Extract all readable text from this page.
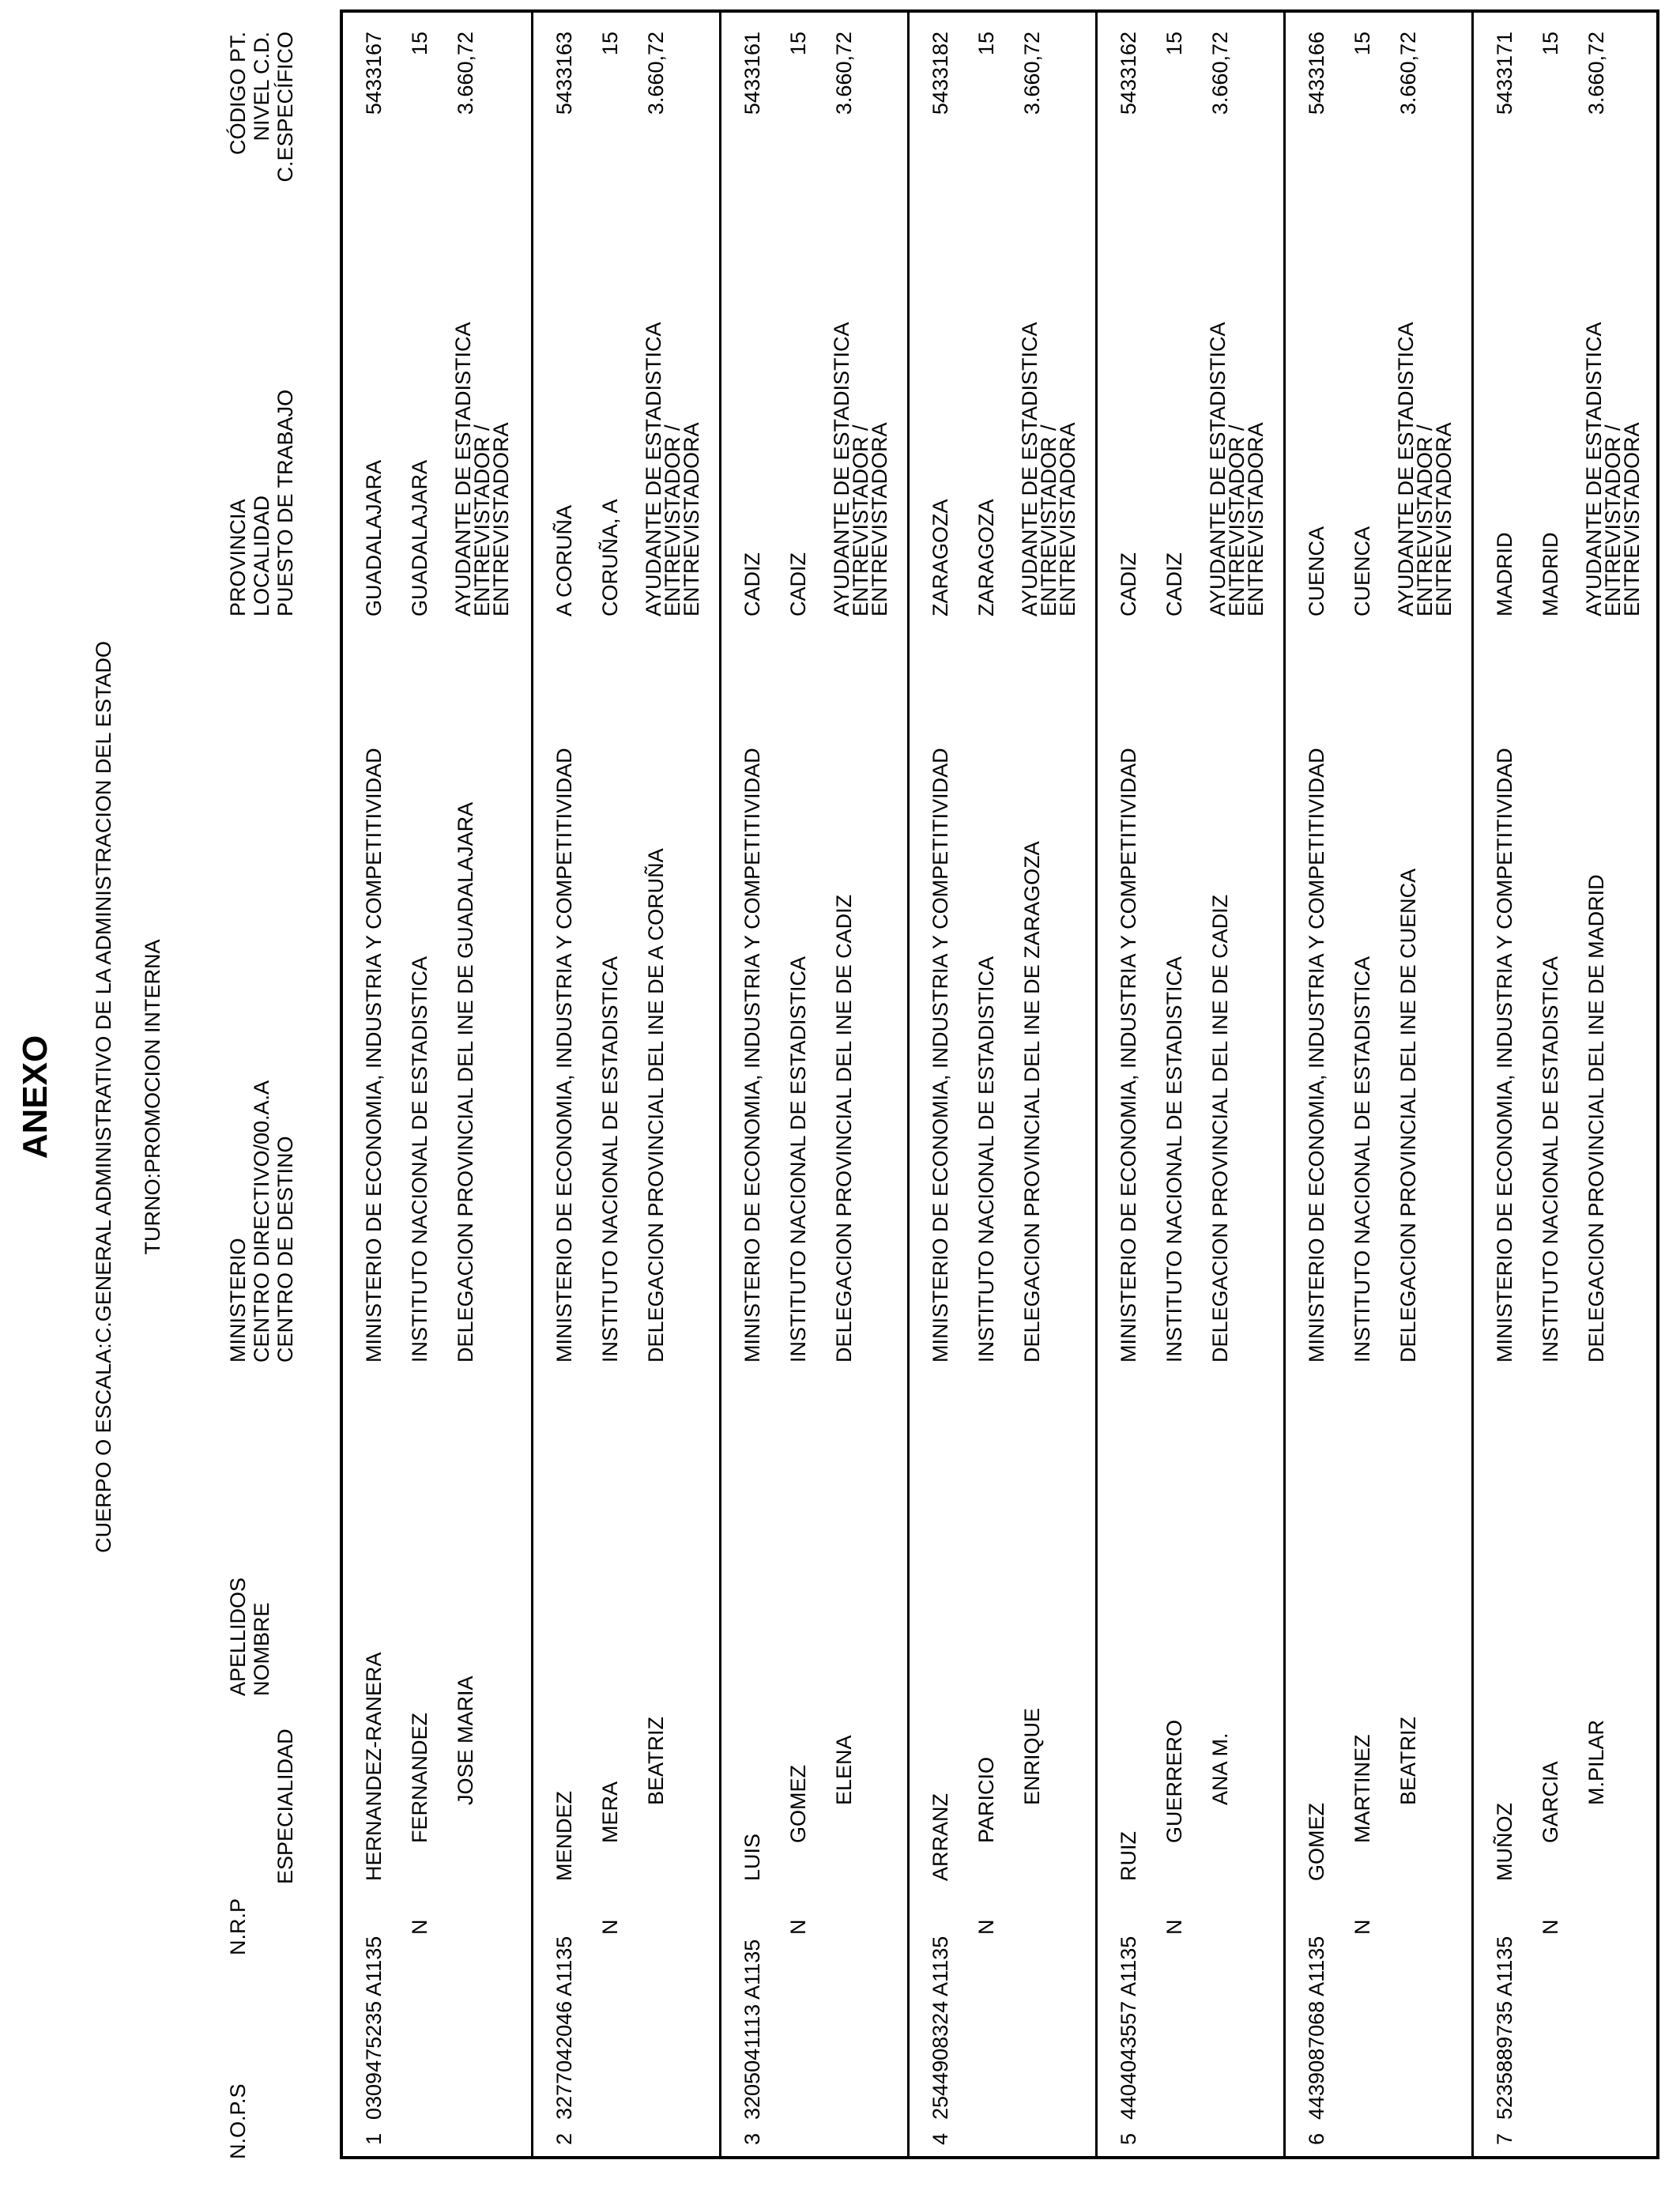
ANEXO CUERPO O ESCALA:C.GENERAL ADMINISTRATIVO DE LA ADMINISTRACION DEL ESTADO TURNO:PROMOCION INTERNA
N.O.P.S
N.R.P
ESPECIALIDAD
APELLIDOS NOMBRE
MINISTERIO CENTRO DIRECTIVO/00.A.A CENTRO DE DESTINO
PROVINCIA LOCALIDAD PUESTO DE TRABAJO
CÓDIGO PT. NIVEL C.D. C.ESPECÍFICO
1
0309475235 A1135
N
HERNANDEZ-RANERA FERNANDEZ JOSE MARIA
MINISTERIO DE ECONOMIA, INDUSTRIA Y COMPETITIVIDAD INSTITUTO NACIONAL DE ESTADISTICA DELEGACION PROVINCIAL DEL INE DE GUADALAJARA
GUADALAJARA GUADALAJARA AYUDANTE DE ESTADISTICA
ENTREVISTADOR /
ENTREVISTADORA
5433167 15 3.660,72
2
3277042046 A1135
N
MENDEZ MERA
BEATRIZ
MINISTERIO DE ECONOMIA, INDUSTRIA Y COMPETITIVIDAD INSTITUTO NACIONAL DE ESTADISTICA DELEGACION PROVINCIAL DEL INE DE A CORUÑA
A CORUÑA CORUÑA, A AYUDANTE DE ESTADISTICA
ENTREVISTADOR /
ENTREVISTADORA
5433163 15 3.660,72
3
3205041113 A1135
N
LUIS
GOMEZ ELENA
MINISTERIO DE ECONOMIA, INDUSTRIA Y COMPETITIVIDAD INSTITUTO NACIONAL DE ESTADISTICA DELEGACION PROVINCIAL DEL INE DE CADIZ
CADIZ CADIZ AYUDANTE DE ESTADISTICA
ENTREVISTADOR /
ENTREVISTADORA
5433161 15 3.660,72
4
2544908324 A1135
N
ARRANZ PARICIO ENRIQUE
MINISTERIO DE ECONOMIA, INDUSTRIA Y COMPETITIVIDAD INSTITUTO NACIONAL DE ESTADISTICA DELEGACION PROVINCIAL DEL INE DE ZARAGOZA
ZARAGOZA ZARAGOZA AYUDANTE DE ESTADISTICA
ENTREVISTADOR /
ENTREVISTADORA
5433182 15 3.660,72
5
4404043557 A1135
N
RUIZ
GUERRERO ANA M.
MINISTERIO DE ECONOMIA, INDUSTRIA Y COMPETITIVIDAD INSTITUTO NACIONAL DE ESTADISTICA DELEGACION PROVINCIAL DEL INE DE CADIZ
CADIZ CADIZ AYUDANTE DE ESTADISTICA
ENTREVISTADOR /
ENTREVISTADORA
5433162 15 3.660,72
6
4439087068 A1135
N
GOMEZ MARTINEZ BEATRIZ
MINISTERIO DE ECONOMIA, INDUSTRIA Y COMPETITIVIDAD INSTITUTO NACIONAL DE ESTADISTICA DELEGACION PROVINCIAL DEL INE DE CUENCA
CUENCA CUENCA AYUDANTE DE ESTADISTICA
ENTREVISTADOR /
ENTREVISTADORA
5433166 15 3.660,72
7
5235889735 A1135
N
MUÑOZ GARCIA M.PILAR
MINISTERIO DE ECONOMIA, INDUSTRIA Y COMPETITIVIDAD INSTITUTO NACIONAL DE ESTADISTICA DELEGACION PROVINCIAL DEL INE DE MADRID
MADRID MADRID AYUDANTE DE ESTADISTICA
ENTREVISTADOR /
ENTREVISTADORA
5433171 15 3.660,72
